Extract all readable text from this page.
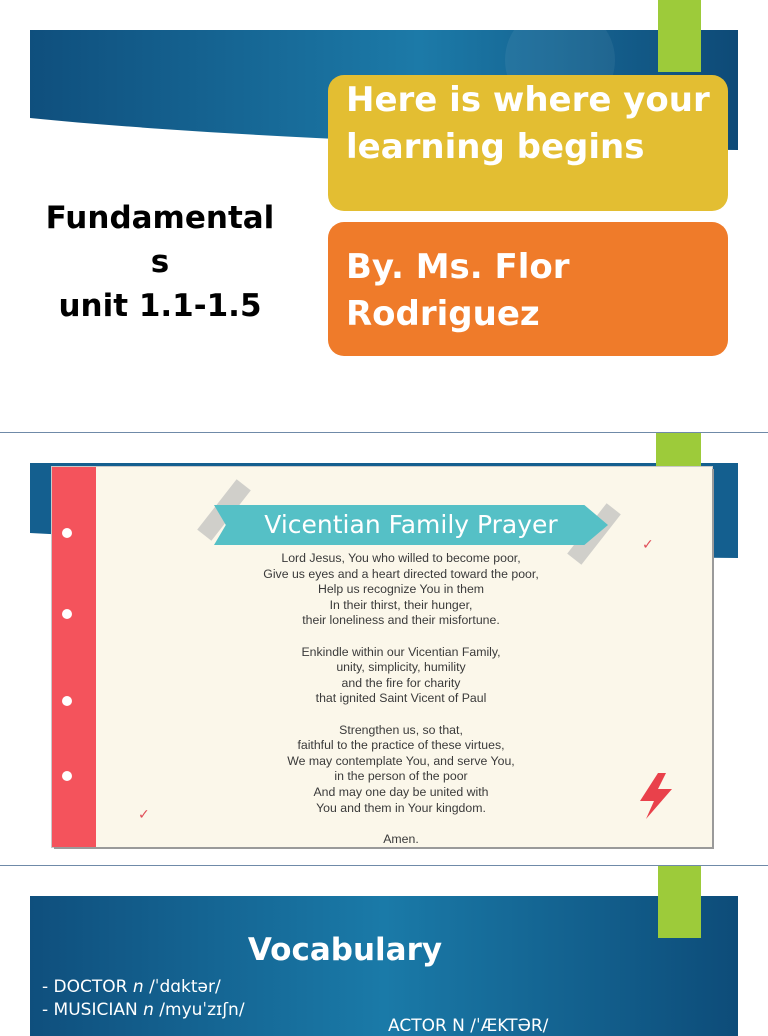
Fundamental
s
unit 1.1-1.5
Here is where your learning begins
By. Ms. Flor Rodriguez
Vicentian Family Prayer

Lord Jesus, You who willed to become poor,
Give us eyes and a heart directed toward the poor,
Help us recognize You in them
In their thirst, their hunger,
their loneliness and their misfortune.

Enkindle within our Vicentian Family,
unity, simplicity, humility
and the fire for charity
that ignited Saint Vicent of Paul

Strengthen us, so that,
faithful to the practice of these virtues,
We may contemplate You, and serve You,
in the person of the poor
And may one day be united with
You and them in Your kingdom.

Amen.

✓
✓
Vocabulary
- DOCTOR n /ˈdɑktər/
- MUSICIAN n /myuˈzɪʃn/
ACTOR N /ˈÆKTƏR/
